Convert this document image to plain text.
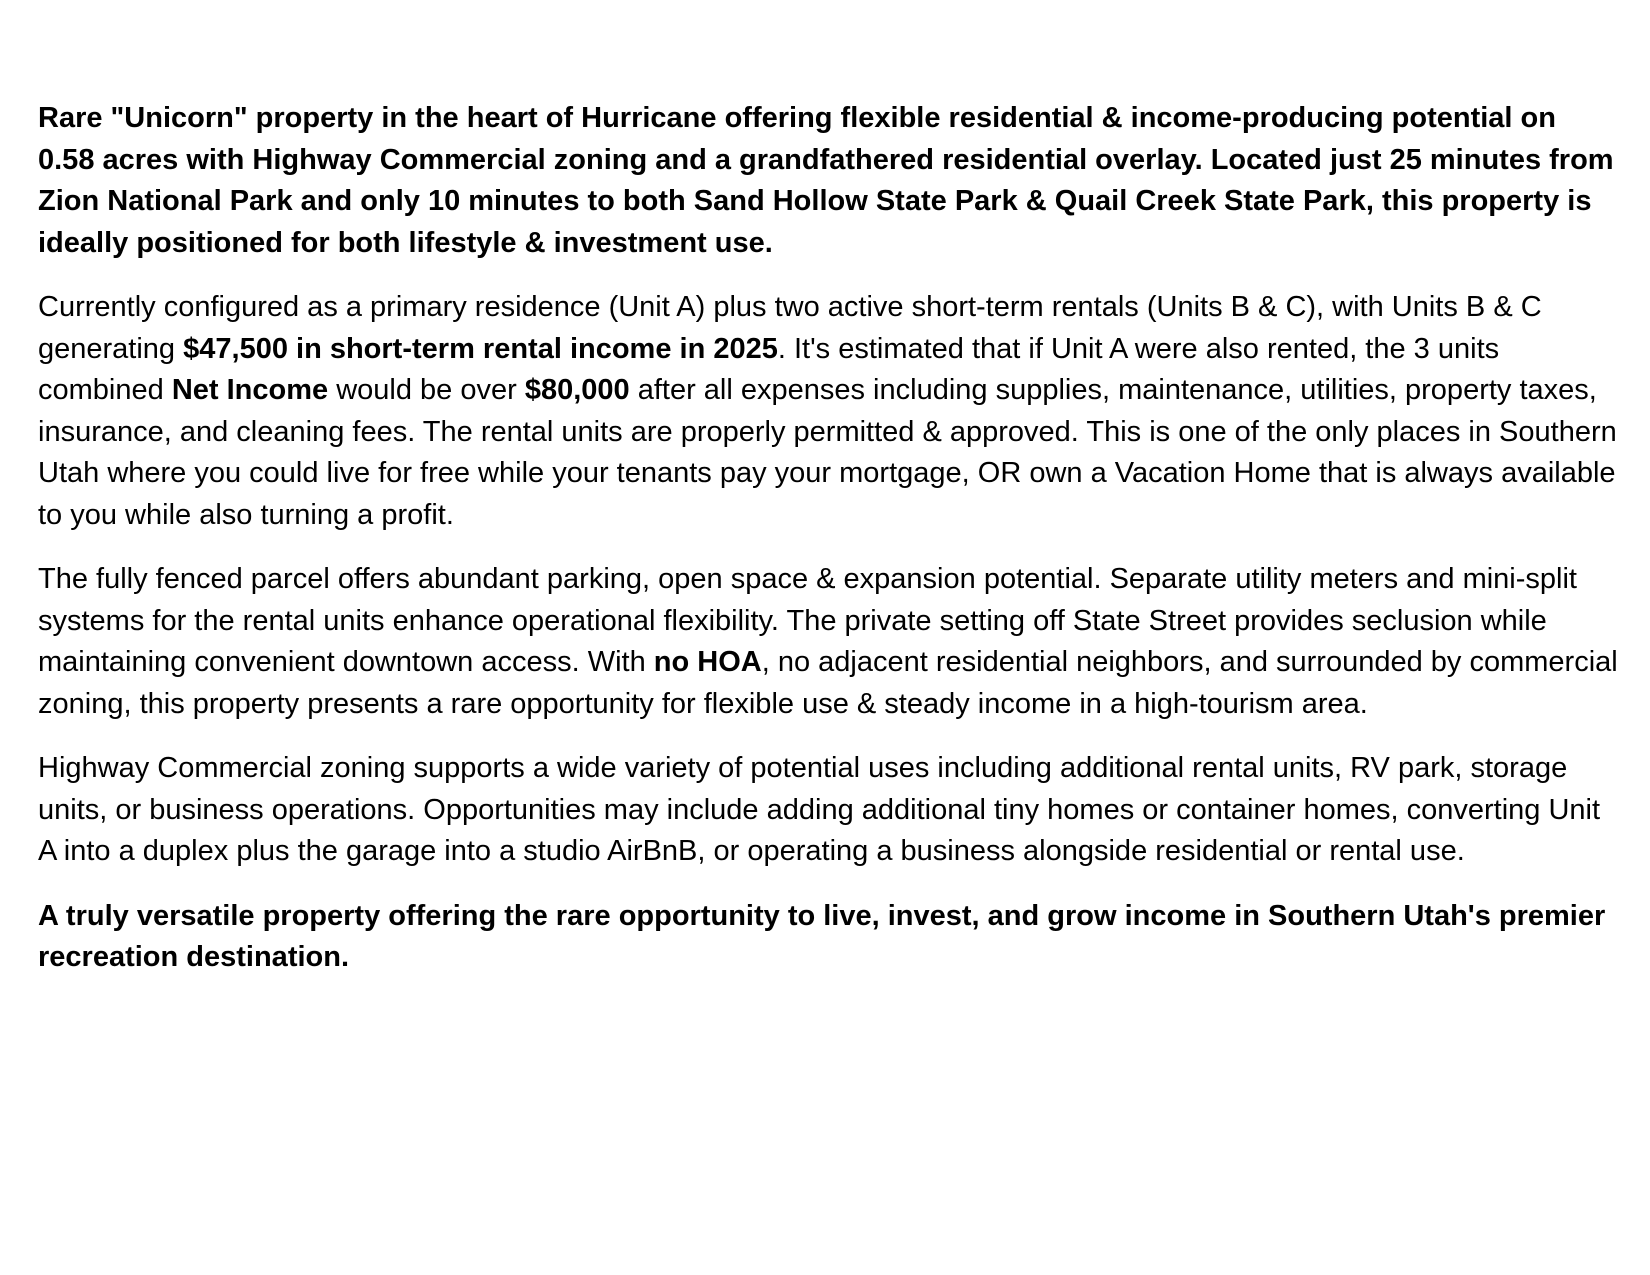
Rare "Unicorn" property in the heart of Hurricane offering flexible residential & income-producing potential on 0.58 acres with Highway Commercial zoning and a grandfathered residential overlay. Located just 25 minutes from Zion National Park and only 10 minutes to both Sand Hollow State Park & Quail Creek State Park, this property is ideally positioned for both lifestyle & investment use.

Currently configured as a primary residence (Unit A) plus two active short-term rentals (Units B & C), with Units B & C generating $47,500 in short-term rental income in 2025. It's estimated that if Unit A were also rented, the 3 units combined Net Income would be over $80,000 after all expenses including supplies, maintenance, utilities, property taxes, insurance, and cleaning fees. The rental units are properly permitted & approved. This is one of the only places in Southern Utah where you could live for free while your tenants pay your mortgage, OR own a Vacation Home that is always available to you while also turning a profit.

The fully fenced parcel offers abundant parking, open space & expansion potential. Separate utility meters and mini-split systems for the rental units enhance operational flexibility. The private setting off State Street provides seclusion while maintaining convenient downtown access. With no HOA, no adjacent residential neighbors, and surrounded by commercial zoning, this property presents a rare opportunity for flexible use & steady income in a high-tourism area.

Highway Commercial zoning supports a wide variety of potential uses including additional rental units, RV park, storage units, or business operations. Opportunities may include adding additional tiny homes or container homes, converting Unit A into a duplex plus the garage into a studio AirBnB, or operating a business alongside residential or rental use.

A truly versatile property offering the rare opportunity to live, invest, and grow income in Southern Utah's premier recreation destination.
